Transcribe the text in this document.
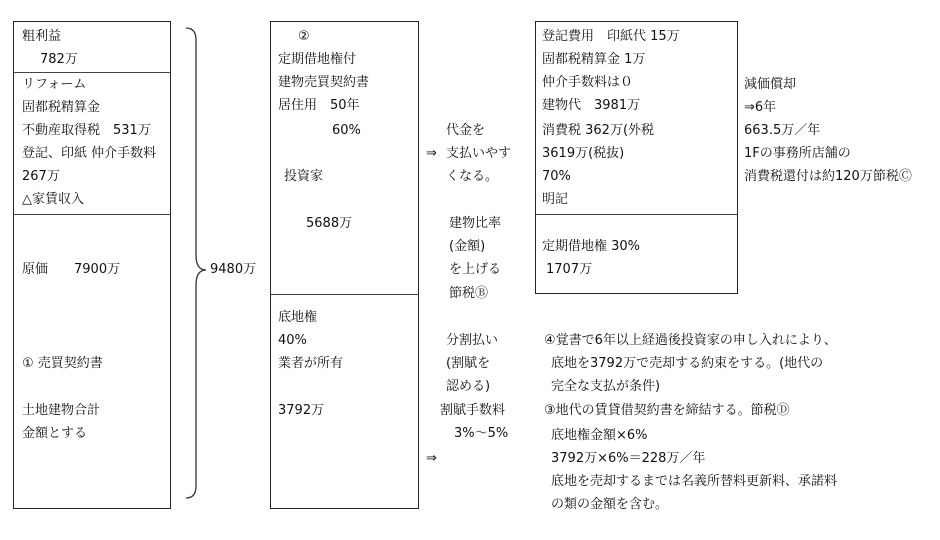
粗利益
782万
リフォーム
固都税精算金
不動産取得税　531万
登記、印紙 仲介手数料
267万
△家賃収入
原価　　7900万
① 売買契約書
土地建物合計
金額とする
9480万
②
定期借地権付
建物売買契約書
居住用　50年
60%
投資家
5688万
底地権
40%
業者が所有
3792万
⇒
代金を
支払いやす
くなる。
建物比率
(金額)
を上げる
節税Ⓑ
分割払い
(割賦を
認める)
割賦手数料
3%〜5%
⇒
登記費用　印紙代 15万
固都税精算金 1万
仲介手数料は０
建物代　3981万
消費税 362万(外税
3619万(税抜)
70%
明記
定期借地権 30%
1707万
減価償却
⇒6年
663.5万／年
1Fの事務所店舗の
消費税還付は約120万節税Ⓒ
④覚書で6年以上経過後投資家の申し入れにより、
底地を3792万で売却する約束をする。(地代の
完全な支払が条件)
③地代の賃貸借契約書を締結する。節税Ⓓ
底地権金額×6%
3792万×6%＝228万／年
底地を売却するまでは名義所替料更新料、承諾料
の類の金額を含む。
